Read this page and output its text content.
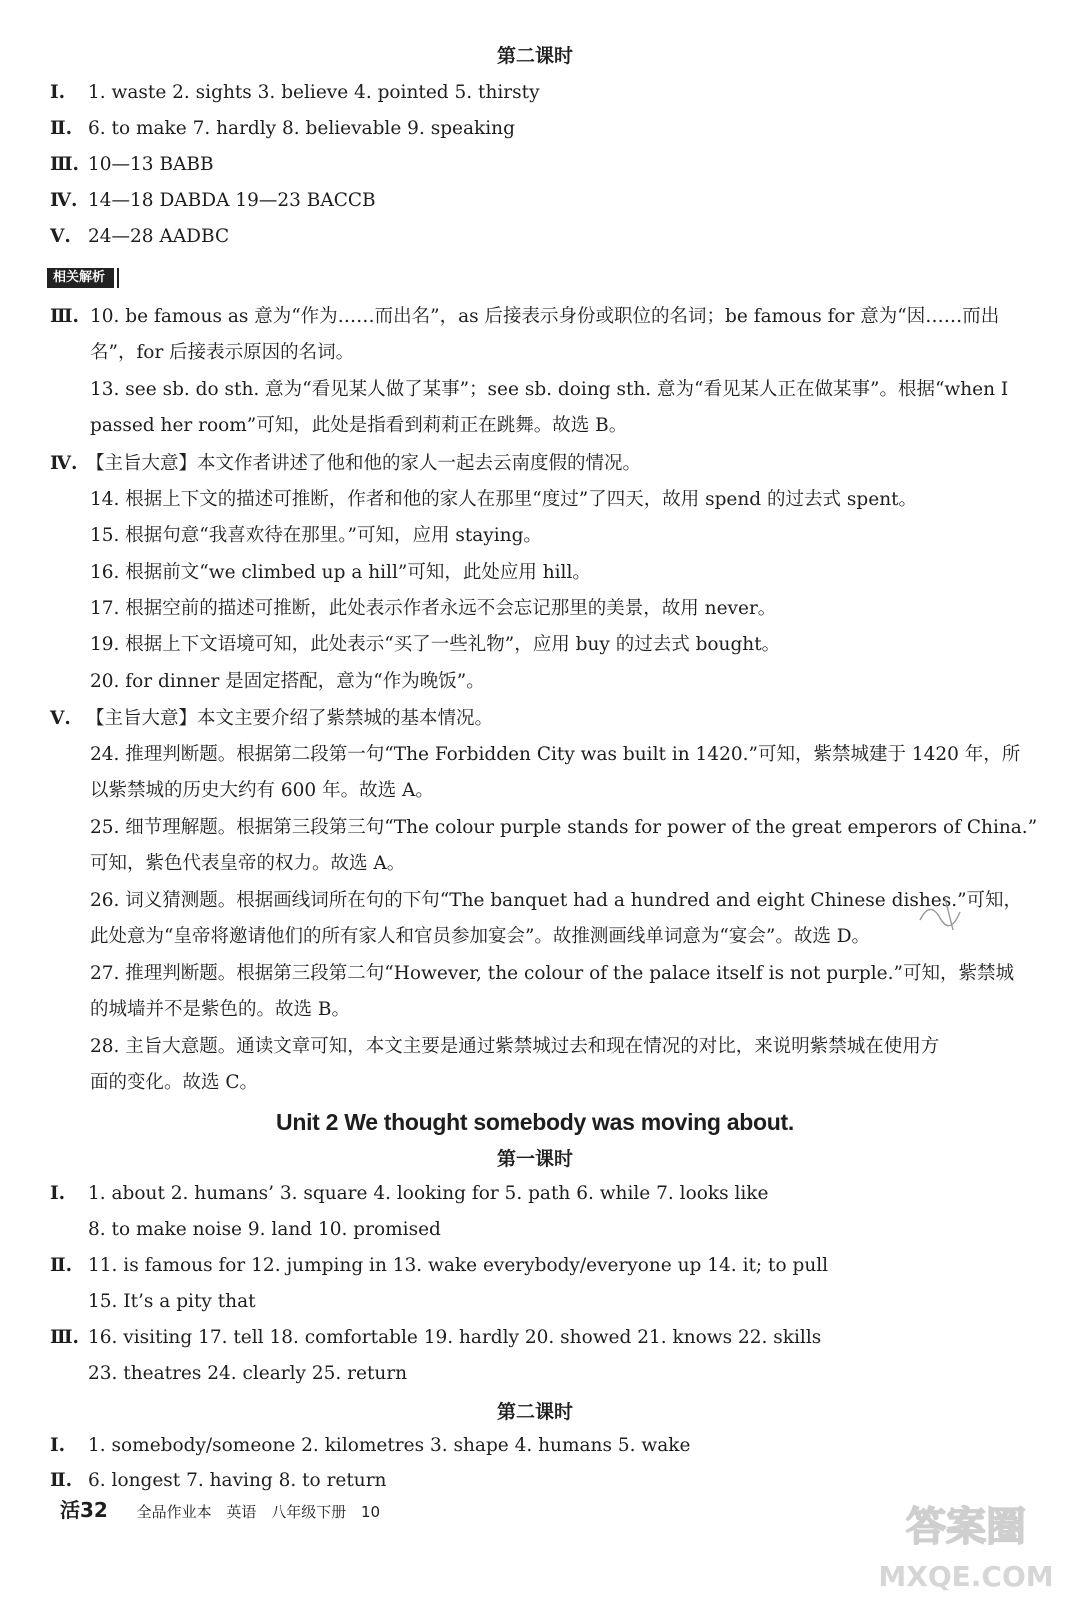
第二课时
Ⅰ. 1. waste 2. sights 3. believe 4. pointed 5. thirsty
Ⅱ. 6. to make 7. hardly 8. believable 9. speaking
Ⅲ. 10—13 BABB
Ⅳ. 14—18 DABDA 19—23 BACCB
Ⅴ. 24—28 AADBC
相关解析
Ⅲ. 10. be famous as 意为“作为……而出名”，as 后接表示身份或职位的名词；be famous for 意为“因……而出
名”，for 后接表示原因的名词。
13. see sb. do sth. 意为“看见某人做了某事”；see sb. doing sth. 意为“看见某人正在做某事”。根据“when I
passed her room”可知，此处是指看到莉莉正在跳舞。故选 B。
Ⅳ. 【主旨大意】本文作者讲述了他和他的家人一起去云南度假的情况。
14. 根据上下文的描述可推断，作者和他的家人在那里“度过”了四天，故用 spend 的过去式 spent。
15. 根据句意“我喜欢待在那里。”可知，应用 staying。
16. 根据前文“we climbed up a hill”可知，此处应用 hill。
17. 根据空前的描述可推断，此处表示作者永远不会忘记那里的美景，故用 never。
19. 根据上下文语境可知，此处表示“买了一些礼物”，应用 buy 的过去式 bought。
20. for dinner 是固定搭配，意为“作为晚饭”。
Ⅴ. 【主旨大意】本文主要介绍了紫禁城的基本情况。
24. 推理判断题。根据第二段第一句“The Forbidden City was built in 1420.”可知，紫禁城建于 1420 年，所
以紫禁城的历史大约有 600 年。故选 A。
25. 细节理解题。根据第三段第三句“The colour purple stands for power of the great emperors of China.”
可知，紫色代表皇帝的权力。故选 A。
26. 词义猜测题。根据画线词所在句的下句“The banquet had a hundred and eight Chinese dishes.”可知，
此处意为“皇帝将邀请他们的所有家人和官员参加宴会”。故推测画线单词意为“宴会”。故选 D。
27. 推理判断题。根据第三段第二句“However, the colour of the palace itself is not purple.”可知，紫禁城
的城墙并不是紫色的。故选 B。
28. 主旨大意题。通读文章可知，本文主要是通过紫禁城过去和现在情况的对比，来说明紫禁城在使用方
面的变化。故选 C。
Unit 2 We thought somebody was moving about.
第一课时
Ⅰ. 1. about 2. humans’ 3. square 4. looking for 5. path 6. while 7. looks like
8. to make noise 9. land 10. promised
Ⅱ. 11. is famous for 12. jumping in 13. wake everybody/everyone up 14. it; to pull
15. It’s a pity that
Ⅲ. 16. visiting 17. tell 18. comfortable 19. hardly 20. showed 21. knows 22. skills
23. theatres 24. clearly 25. return
第二课时
Ⅰ. 1. somebody/someone 2. kilometres 3. shape 4. humans 5. wake
Ⅱ. 6. longest 7. having 8. to return
活32 全品作业本 英语 八年级下册 10	答案圈
MXQE.COM
